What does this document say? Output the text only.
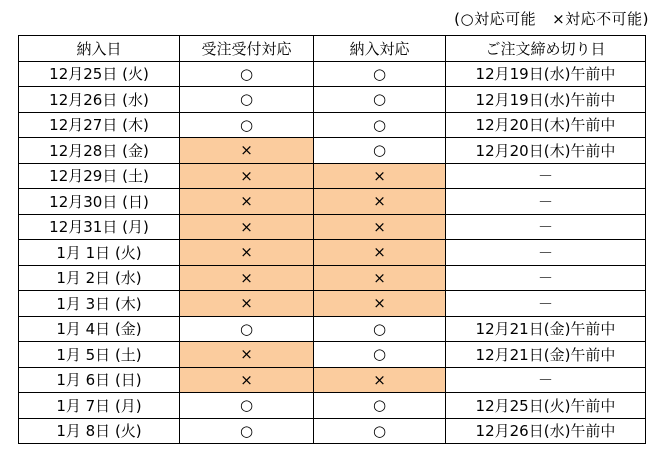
(○対応可能 ×対応不可能)
納入日	受注受付対応	納入対応	ご注文締め切り日
12月25日 (火)	○	○	12月19日(水)午前中
12月26日 (水)	○	○	12月19日(水)午前中
12月27日 (木)	○	○	12月20日(木)午前中
12月28日 (金)	×	○	12月20日(木)午前中
12月29日 (土)	×	×	－
12月30日 (日)	×	×	－
12月31日 (月)	×	×	－
1月 1日 (火)	×	×	－
1月 2日 (水)	×	×	－
1月 3日 (木)	×	×	－
1月 4日 (金)	○	○	12月21日(金)午前中
1月 5日 (土)	×	○	12月21日(金)午前中
1月 6日 (日)	×	×	－
1月 7日 (月)	○	○	12月25日(火)午前中
1月 8日 (火)	○	○	12月26日(水)午前中
